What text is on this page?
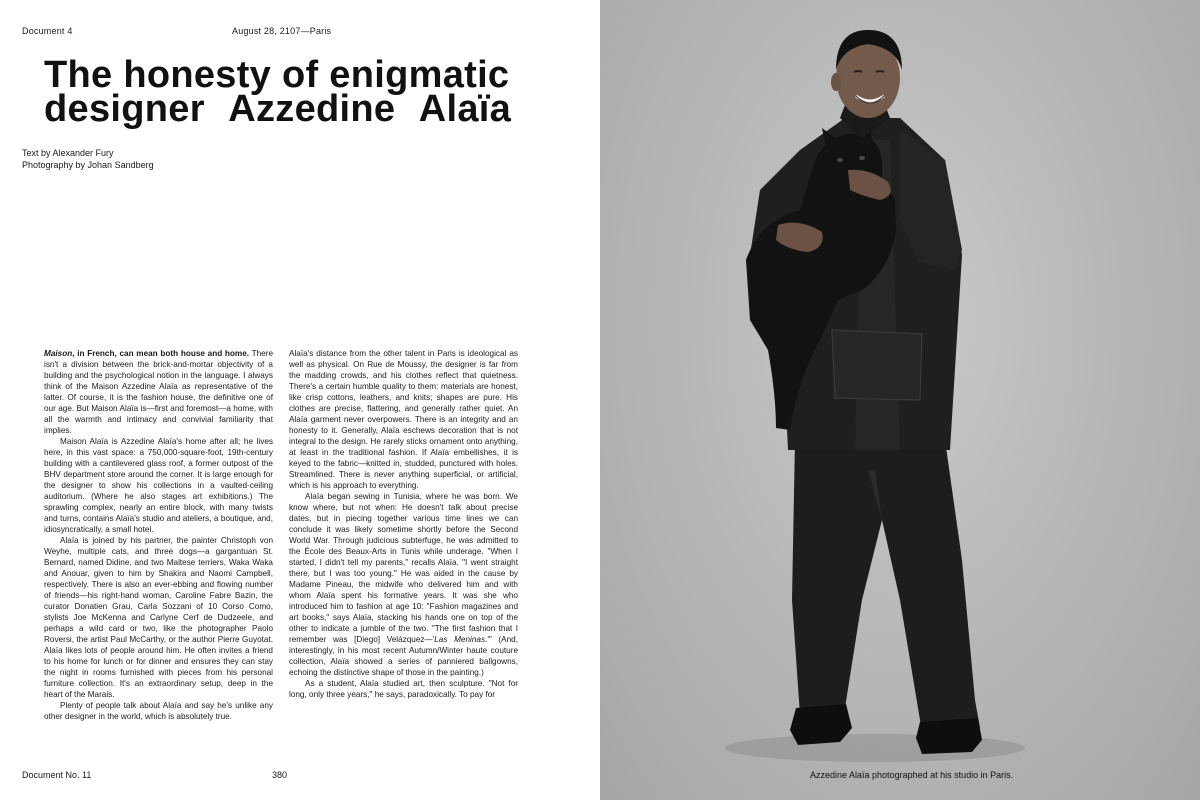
Document 4	August 28, 2107—Paris
The honesty of enigmatic
designer Azzedine Alaïa
Text by Alexander Fury
Photography by Johan Sandberg

Maison, in French, can mean both house and home. There isn't a division between the brick-and-mortar objectivity of a building and the psychological notion in the language. I always think of the Maison Azzedine Alaïa as representative of the latter. Of course, it is the fashion house, the definitive one of our age. But Maison Alaïa is—first and foremost—a home, with all the warmth and intimacy and convivial familiarity that implies.

Maison Alaïa is Azzedine Alaïa's home after all; he lives here, in this vast space: a 750,000-square-foot, 19th-century building with a cantilevered glass roof, a former outpost of the BHV department store around the corner. It is large enough for the designer to show his collections in a vaulted-ceiling auditorium. (Where he also stages art exhibitions.) The sprawling complex, nearly an entire block, with many twists and turns, contains Alaïa's studio and ateliers, a boutique, and, idiosyncratically, a small hotel.

Alaïa is joined by his partner, the painter Christoph von Weyhe, multiple cats, and three dogs—a gargantuan St. Bernard, named Didine, and two Maltese terriers, Waka Waka and Anouar, given to him by Shakira and Naomi Campbell, respectively. There is also an ever-ebbing and flowing number of friends—his right-hand woman, Caroline Fabre Bazin, the curator Donatien Grau, Carla Sozzani of 10 Corso Como, stylists Joe McKenna and Carlyne Cerf de Dudzeele, and perhaps a wild card or two, like the photographer Paolo Roversi, the artist Paul McCarthy, or the author Pierre Guyotat. Alaïa likes lots of people around him. He often invites a friend to his home for lunch or for dinner and ensures they can stay the night in rooms furnished with pieces from his personal furniture collection. It's an extraordinary setup, deep in the heart of the Marais.

Plenty of people talk about Alaïa and say he's unlike any other designer in the world, which is absolutely true.

Alaïa's distance from the other talent in Paris is ideological as well as physical. On Rue de Moussy, the designer is far from the madding crowds, and his clothes reflect that quietness. There's a certain humble quality to them: materials are honest, like crisp cottons, leathers, and knits; shapes are pure. His clothes are precise, flattering, and generally rather quiet. An Alaïa garment never overpowers. There is an integrity and an honesty to it. Generally, Alaïa eschews decoration that is not integral to the design. He rarely sticks ornament onto anything, at least in the traditional fashion. If Alaïa embellishes, it is keyed to the fabric—knitted in, studded, punctured with holes. Streamlined. There is never anything superficial, or artificial, which is his approach to everything.

Alaïa began sewing in Tunisia, where he was born. We know where, but not when: He doesn't talk about precise dates, but in piecing together various time lines we can conclude it was likely sometime shortly before the Second World War. Through judicious subterfuge, he was admitted to the École des Beaux-Arts in Tunis while underage. "When I started, I didn't tell my parents," recalls Alaïa. "I went straight there, but I was too young." He was aided in the cause by Madame Pineau, the midwife who delivered him and with whom Alaïa spent his formative years. It was she who introduced him to fashion at age 10: "Fashion magazines and art books," says Alaïa, stacking his hands one on top of the other to indicate a jumble of the two. "The first fashion that I remember was [Diego] Velázquez—'Las Meninas.'" (And, interestingly, in his most recent Autumn/Winter haute couture collection, Alaïa showed a series of panniered ballgowns, echoing the distinctive shape of those in the painting.)

As a student, Alaïa studied art, then sculpture. "Not for long, only three years," he says, paradoxically. To pay for

Document No. 11	380	Azzedine Alaïa photographed at his studio in Paris.
